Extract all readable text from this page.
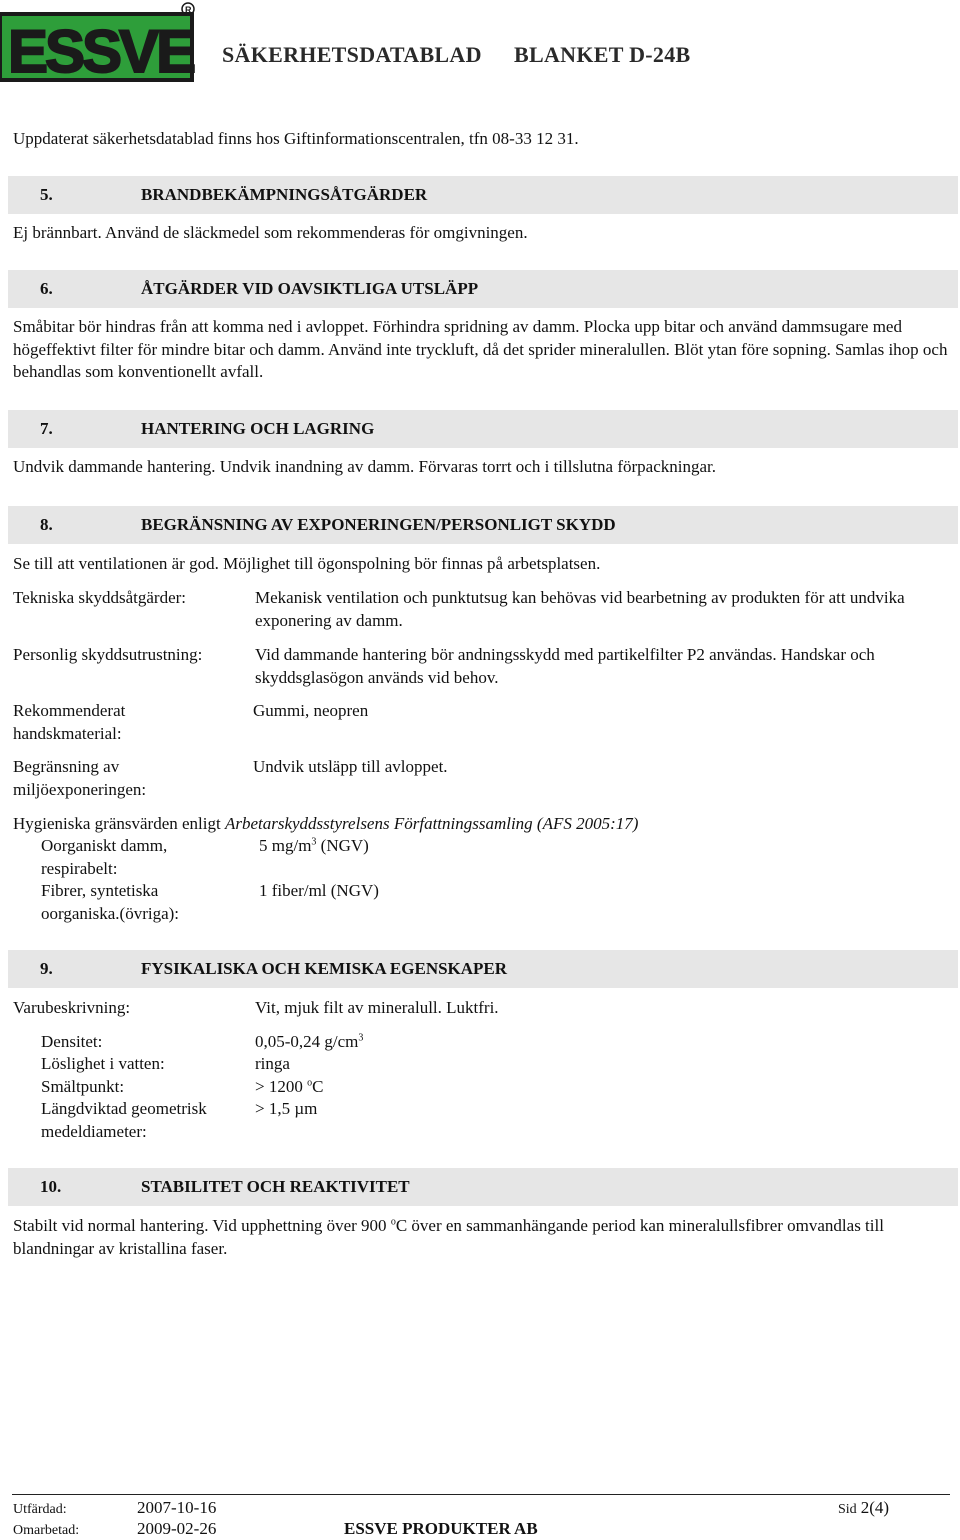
ESSVE
R
SÄKERHETSDATABLAD BLANKET D-24B
Uppdaterat säkerhetsdatablad finns hos Giftinformationscentralen, tfn 08-33 12 31.
5.	BRANDBEKÄMPNINGSÅTGÄRDER
Ej brännbart. Använd de släckmedel som rekommenderas för omgivningen.
6.	ÅTGÄRDER VID OAVSIKTLIGA UTSLÄPP
Småbitar bör hindras från att komma ned i avloppet. Förhindra spridning av damm. Plocka upp bitar och använd dammsugare med högeffektivt filter för mindre bitar och damm. Använd inte tryckluft, då det sprider mineralullen. Blöt ytan före sopning. Samlas ihop och behandlas som konventionellt avfall.
7.	HANTERING OCH LAGRING
Undvik dammande hantering. Undvik inandning av damm. Förvaras torrt och i tillslutna förpackningar.
8.	BEGRÄNSNING AV EXPONERINGEN/PERSONLIGT SKYDD
Se till att ventilationen är god. Möjlighet till ögonspolning bör finnas på arbetsplatsen.
Tekniska skyddsåtgärder:	Mekanisk ventilation och punktutsug kan behövas vid bearbetning av produkten för att undvika exponering av damm.
Personlig skyddsutrustning:	Vid dammande hantering bör andningsskydd med partikelfilter P2 användas. Handskar och skyddsglasögon används vid behov.
Rekommenderat handskmaterial:
Gummi, neopren
Begränsning av miljöexponeringen:
Undvik utsläpp till avloppet.
Hygieniska gränsvärden enligt Arbetarskyddsstyrelsens Författningssamling (AFS 2005:17)
Oorganiskt damm, respirabelt:
5 $mg/m^3$ (NGV)
Fibrer, syntetiska oorganiska.(övriga):
1 fiber/ml (NGV)
9.	FYSIKALISKA OCH KEMISKA EGENSKAPER
Varubeskrivning:	Vit, mjuk filt av mineralull. Luktfri.
Densitet:	0,05-0,24 $g/cm^3$
Löslighet i vatten:	ringa
Smältpunkt:	> 1200 $^o$C
Längdviktad geometrisk medeldiameter:
> 1,5 µm
10.	STABILITET OCH REAKTIVITET
Stabilt vid normal hantering. Vid upphettning över 900 $^o$C över en sammanhängande period kan mineralullsfibrer omvandlas till blandningar av kristallina faser.
Utfärdad:	2007-10-16
Omarbetad:	2009-02-26	ESSVE PRODUKTER AB
Sid 2(4)
